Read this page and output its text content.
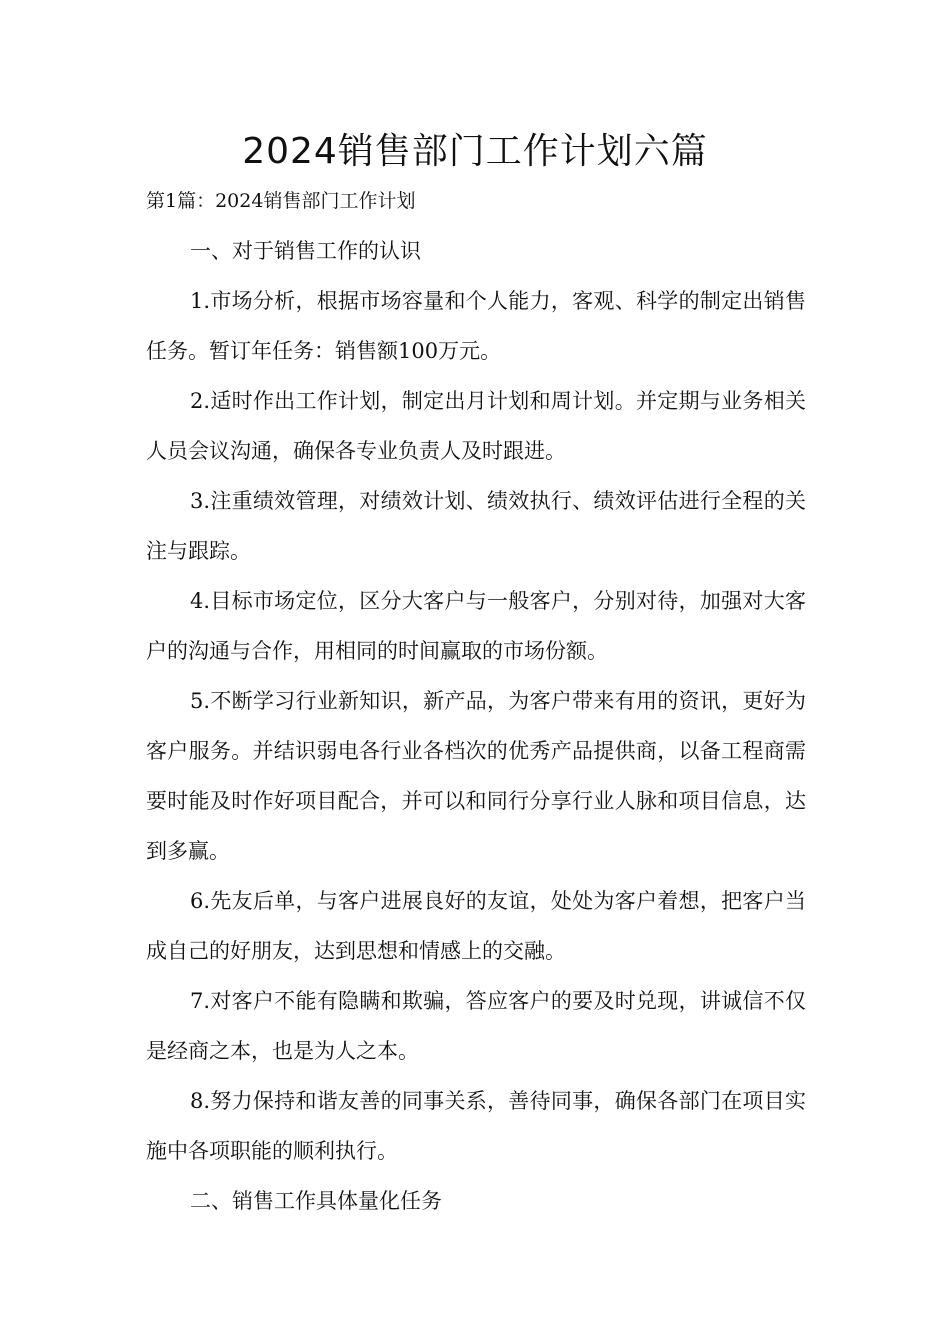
2024销售部门工作计划六篇

第1篇：2024销售部门工作计划

一、对于销售工作的认识

1.市场分析，根据市场容量和个人能力，客观、科学的制定出销售任务。暂订年任务：销售额100万元。

2.适时作出工作计划，制定出月计划和周计划。并定期与业务相关人员会议沟通，确保各专业负责人及时跟进。

3.注重绩效管理，对绩效计划、绩效执行、绩效评估进行全程的关注与跟踪。

4.目标市场定位，区分大客户与一般客户，分别对待，加强对大客户的沟通与合作，用相同的时间赢取的市场份额。

5.不断学习行业新知识，新产品，为客户带来有用的资讯，更好为客户服务。并结识弱电各行业各档次的优秀产品提供商，以备工程商需要时能及时作好项目配合，并可以和同行分享行业人脉和项目信息，达到多赢。

6.先友后单，与客户进展良好的友谊，处处为客户着想，把客户当成自己的好朋友，达到思想和情感上的交融。

7.对客户不能有隐瞒和欺骗，答应客户的要及时兑现，讲诚信不仅是经商之本，也是为人之本。

8.努力保持和谐友善的同事关系，善待同事，确保各部门在项目实施中各项职能的顺利执行。

二、销售工作具体量化任务
